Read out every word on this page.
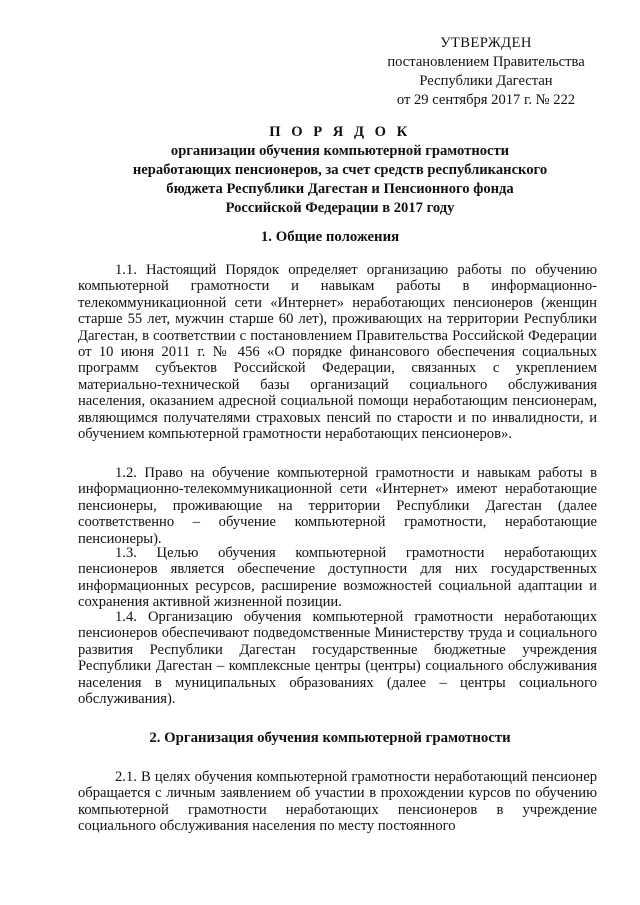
УТВЕРЖДЕН
постановлением Правительства
Республики Дагестан
от 29 сентября 2017 г. № 222
П О Р Я Д О К
организации обучения компьютерной грамотности
неработающих пенсионеров, за счет средств республиканского
бюджета Республики Дагестан и Пенсионного фонда
Российской Федерации в 2017 году
1. Общие положения

1.1. Настоящий Порядок определяет организацию работы по обучению компьютерной грамотности и навыкам работы в информационно-телекоммуникационной сети «Интернет» неработающих пенсионеров (женщин старше 55 лет, мужчин старше 60 лет), проживающих на территории Республики Дагестан, в соответствии с постановлением Правительства Российской Федерации от 10 июня 2011 г. № 456 «О порядке финансового обеспечения социальных программ субъектов Российской Федерации, связанных с укреплением материально-технической базы организаций социального обслуживания населения, оказанием адресной социальной помощи неработающим пенсионерам, являющимся получателями страховых пенсий по старости и по инвалидности, и обучением компьютерной грамотности неработающих пенсионеров».

1.2. Право на обучение компьютерной грамотности и навыкам работы в информационно-телекоммуникационной сети «Интернет» имеют неработающие пенсионеры, проживающие на территории Республики Дагестан (далее соответственно – обучение компьютерной грамотности, неработающие пенсионеры).

1.3. Целью обучения компьютерной грамотности неработающих пенсионеров является обеспечение доступности для них государственных информационных ресурсов, расширение возможностей социальной адаптации и сохранения активной жизненной позиции.

1.4. Организацию обучения компьютерной грамотности неработающих пенсионеров обеспечивают подведомственные Министерству труда и социального развития Республики Дагестан государственные бюджетные учреждения Республики Дагестан – комплексные центры (центры) социального обслуживания населения в муниципальных образованиях (далее – центры социального обслуживания).

2. Организация обучения компьютерной грамотности

2.1. В целях обучения компьютерной грамотности неработающий пенсионер обращается с личным заявлением об участии в прохождении курсов по обучению компьютерной грамотности неработающих пенсионеров в учреждение социального обслуживания населения по месту постоянного
